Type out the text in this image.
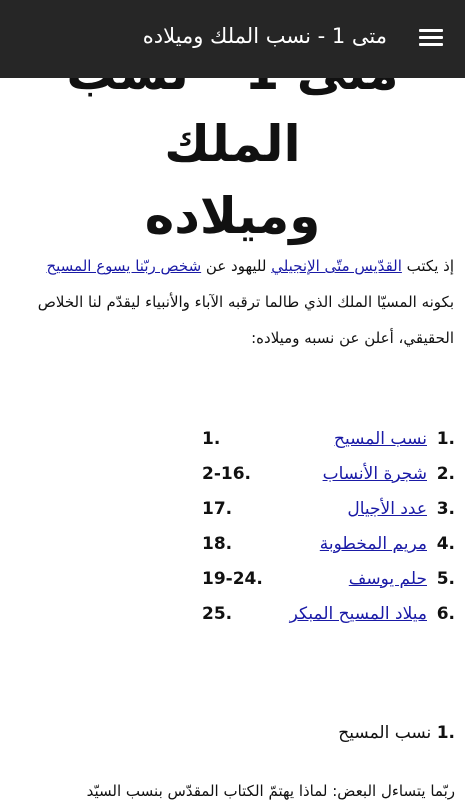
الملك
وميلاده
إذ يكتب القدّيس متّى الإنجيلي لليهود عن شخص ربّنا يسوع المسيح بكونه المسيّا الملك الذي طالما ترقبه الآباء والأنبياء ليقدّم لنا الخلاص الحقيقي، أعلن عن نسبه وميلاده:
1.
نسب المسيح
1.
2.
شجرة الأنساب
2-16.
3.
عدد الأجيال
17.
4.
مريم المخطوبة
18.
5.
حلم يوسف
19-24.
6.
ميلاد المسيح المبكر
25.
1. نسب المسيح
ربّما يتساءل البعض: لماذا يهتمّ الكتاب المقدّس بنسب السيّد
متى 1 - نسب الملك وميلاده
